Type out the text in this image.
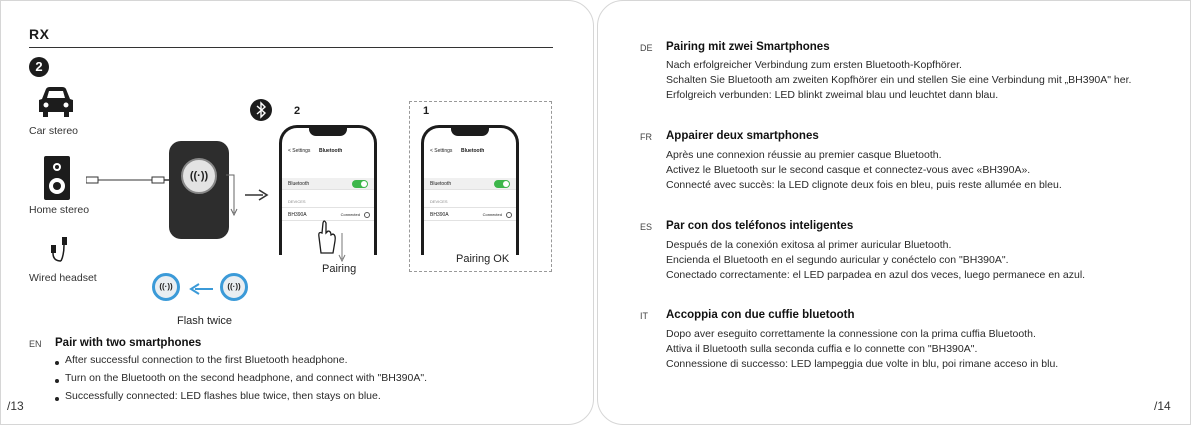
RX
2
Car stereo
Home stereo
Wired headset
((·))
2
< Settings Bluetooth
Bluetooth
DEVICES
BH390A	Connected
Pairing
1
< Settings Bluetooth
Bluetooth
DEVICES
BH390A	Connected
Pairing OK
((·))	((·))
Flash twice
EN Pair with two smartphones
After successful connection to the first Bluetooth headphone.
Turn on the Bluetooth on the second headphone, and connect with "BH390A".
Successfully connected: LED flashes blue twice, then stays on blue.
/13
DE Pairing mit zwei Smartphones
Nach erfolgreicher Verbindung zum ersten Bluetooth-Kopfhörer.
Schalten Sie Bluetooth am zweiten Kopfhörer ein und stellen Sie eine Verbindung mit „BH390A" her.
Erfolgreich verbunden: LED blinkt zweimal blau und leuchtet dann blau.
FR Appairer deux smartphones
Après une connexion réussie au premier casque Bluetooth.
Activez le Bluetooth sur le second casque et connectez-vous avec «BH390A».
Connecté avec succès: la LED clignote deux fois en bleu, puis reste allumée en bleu.
ES Par con dos teléfonos inteligentes
Después de la conexión exitosa al primer auricular Bluetooth.
Encienda el Bluetooth en el segundo auricular y conéctelo con "BH390A".
Conectado correctamente: el LED parpadea en azul dos veces, luego permanece en azul.
IT Accoppia con due cuffie bluetooth
Dopo aver eseguito correttamente la connessione con la prima cuffia Bluetooth.
Attiva il Bluetooth sulla seconda cuffia e lo connette con "BH390A".
Connessione di successo: LED lampeggia due volte in blu, poi rimane acceso in blu.
/14
